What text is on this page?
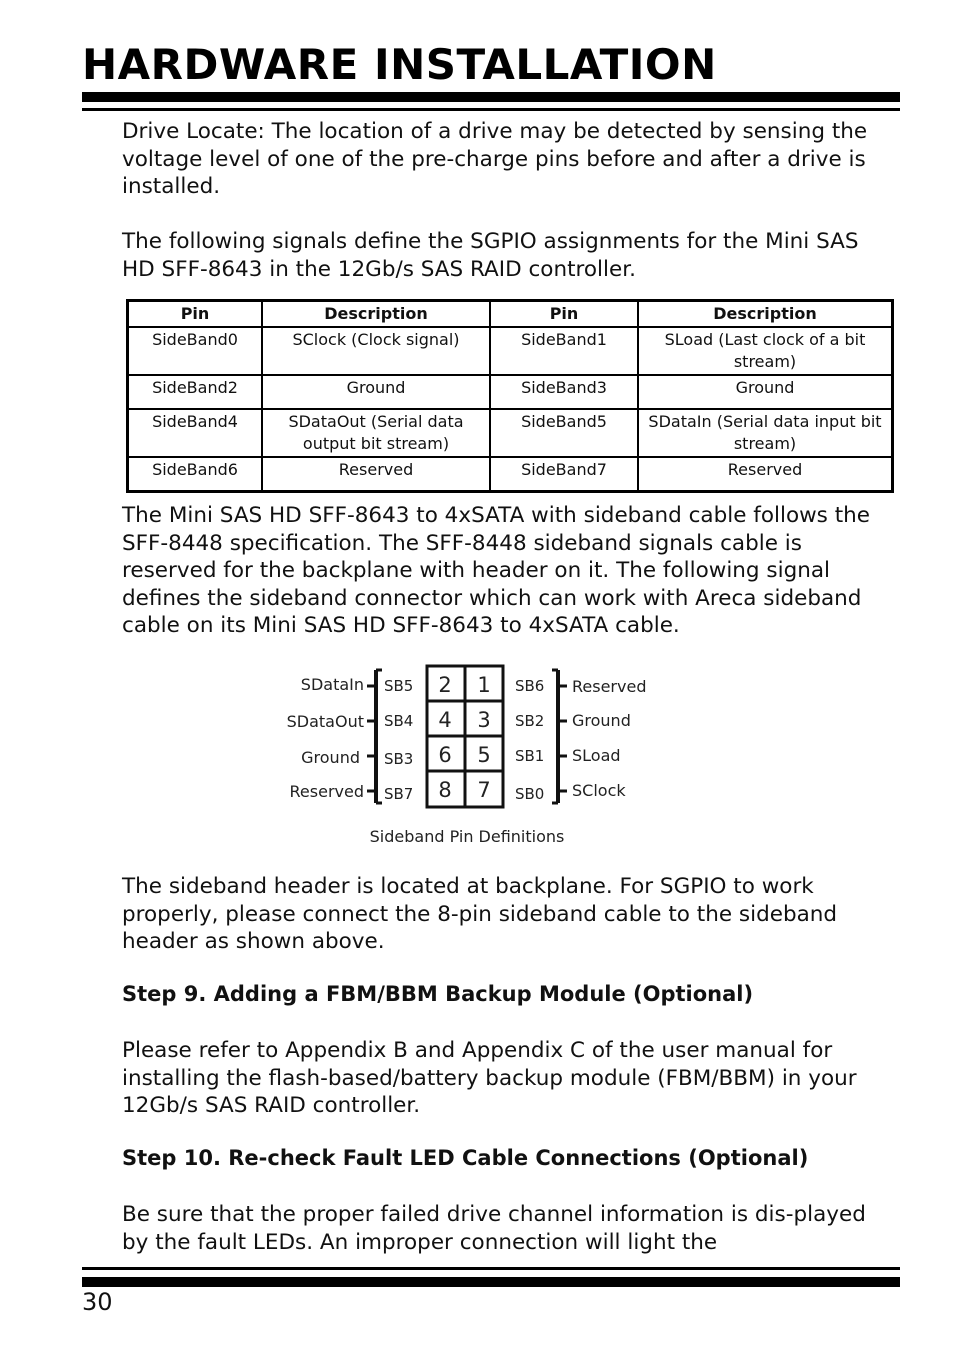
HARDWARE INSTALLATION

Drive Locate: The location of a drive may be detected by sensing the voltage level of one of the pre-charge pins before and after a drive is installed.

The following signals define the SGPIO assignments for the Mini SAS HD SFF-8643 in the 12Gb/s SAS RAID controller.

Pin	Description	Pin	Description
SideBand0	SClock (Clock signal)	SideBand1	SLoad (Last clock of a bit stream)
SideBand2	Ground	SideBand3	Ground
SideBand4	SDataOut (Serial data output bit stream)	SideBand5	SDataIn (Serial data input bit stream)
SideBand6	Reserved	SideBand7	Reserved

The Mini SAS HD SFF-8643 to 4xSATA with sideband cable follows the SFF-8448 specification. The SFF-8448 sideband signals cable is reserved for the backplane with header on it. The following signal defines the sideband connector which can work with Areca sideband cable on its Mini SAS HD SFF-8643 to 4xSATA cable.

SDataIn
SDataOut
Ground
Reserved
SB5
SB4
SB3
SB7
2
4
6
8
1
3
5
7
SB6
SB2
SB1
SB0
Reserved
Ground
SLoad
SClock
Sideband Pin Definitions

The sideband header is located at backplane. For SGPIO to work properly, please connect the 8-pin sideband cable to the sideband header as shown above.

Step 9. Adding a FBM/BBM Backup Module (Optional)

Please refer to Appendix B and Appendix C of the user manual for installing the flash-based/battery backup module (FBM/BBM) in your 12Gb/s SAS RAID controller.

Step 10. Re-check Fault LED Cable Connections (Optional)

Be sure that the proper failed drive channel information is dis-played by the fault LEDs. An improper connection will light the

30
